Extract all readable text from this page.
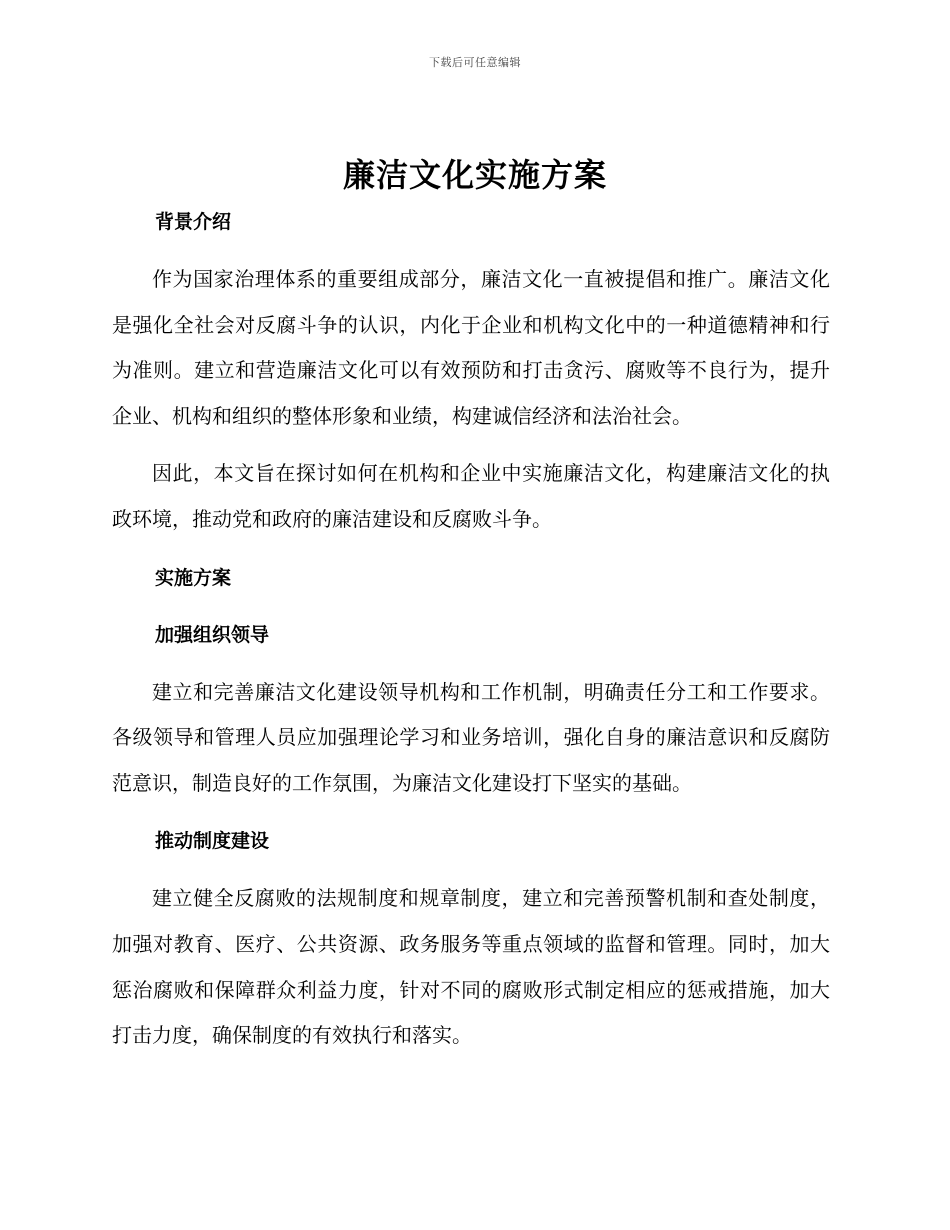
下载后可任意编辑
廉洁文化实施方案
背景介绍

作为国家治理体系的重要组成部分，廉洁文化一直被提倡和推广。廉洁文化是强化全社会对反腐斗争的认识，内化于企业和机构文化中的一种道德精神和行为准则。建立和营造廉洁文化可以有效预防和打击贪污、腐败等不良行为，提升企业、机构和组织的整体形象和业绩，构建诚信经济和法治社会。

因此，本文旨在探讨如何在机构和企业中实施廉洁文化，构建廉洁文化的执政环境，推动党和政府的廉洁建设和反腐败斗争。

实施方案
加强组织领导

建立和完善廉洁文化建设领导机构和工作机制，明确责任分工和工作要求。各级领导和管理人员应加强理论学习和业务培训，强化自身的廉洁意识和反腐防范意识，制造良好的工作氛围，为廉洁文化建设打下坚实的基础。

推动制度建设

建立健全反腐败的法规制度和规章制度，建立和完善预警机制和查处制度，加强对教育、医疗、公共资源、政务服务等重点领域的监督和管理。同时，加大惩治腐败和保障群众利益力度，针对不同的腐败形式制定相应的惩戒措施，加大打击力度，确保制度的有效执行和落实。
